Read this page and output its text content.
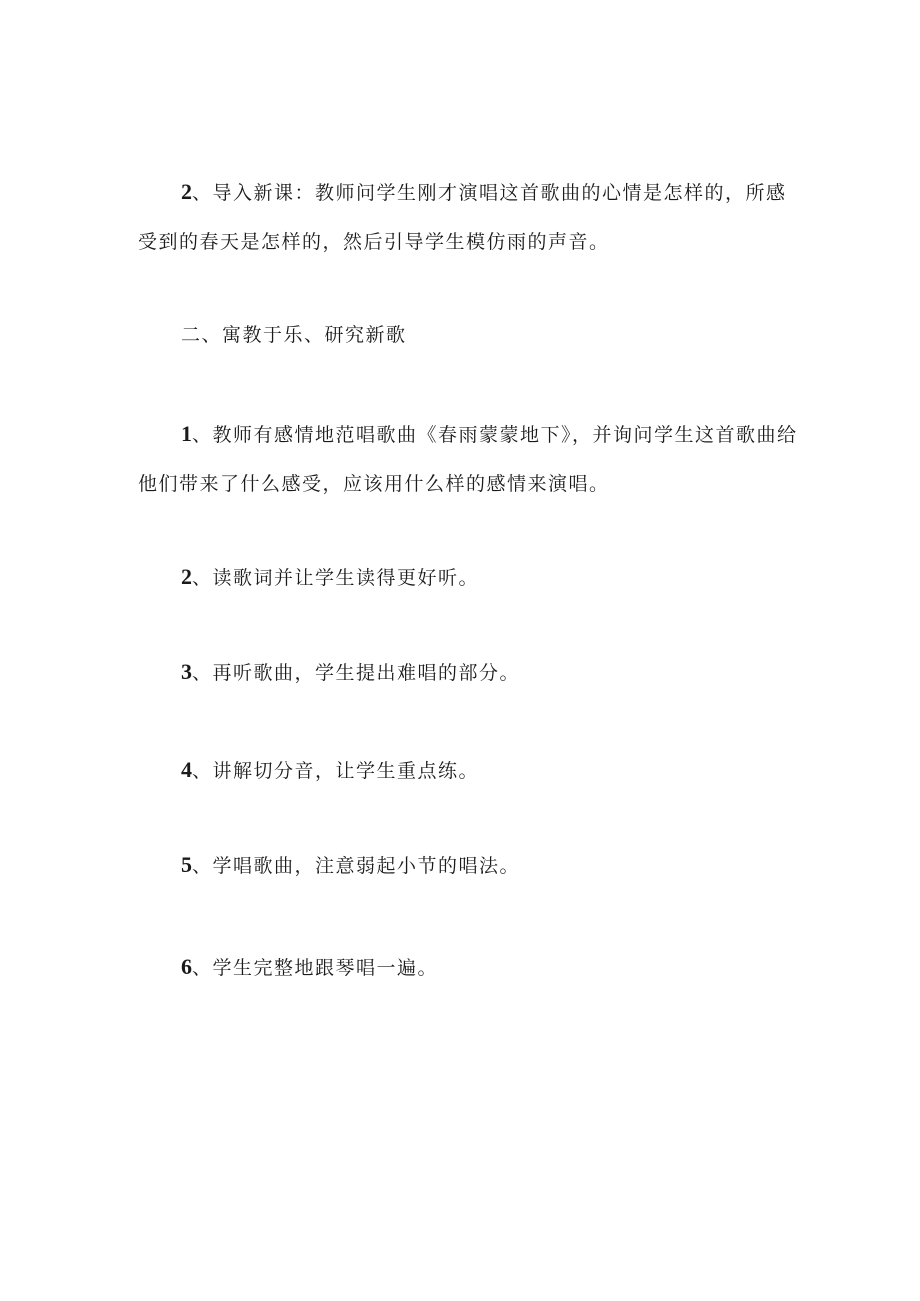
2、导入新课：教师问学生刚才演唱这首歌曲的心情是怎样的，所感受到的春天是怎样的，然后引导学生模仿雨的声音。

二、寓教于乐、研究新歌

1、教师有感情地范唱歌曲《春雨蒙蒙地下》，并询问学生这首歌曲给他们带来了什么感受，应该用什么样的感情来演唱。

2、读歌词并让学生读得更好听。

3、再听歌曲，学生提出难唱的部分。

4、讲解切分音，让学生重点练。

5、学唱歌曲，注意弱起小节的唱法。

6、学生完整地跟琴唱一遍。
